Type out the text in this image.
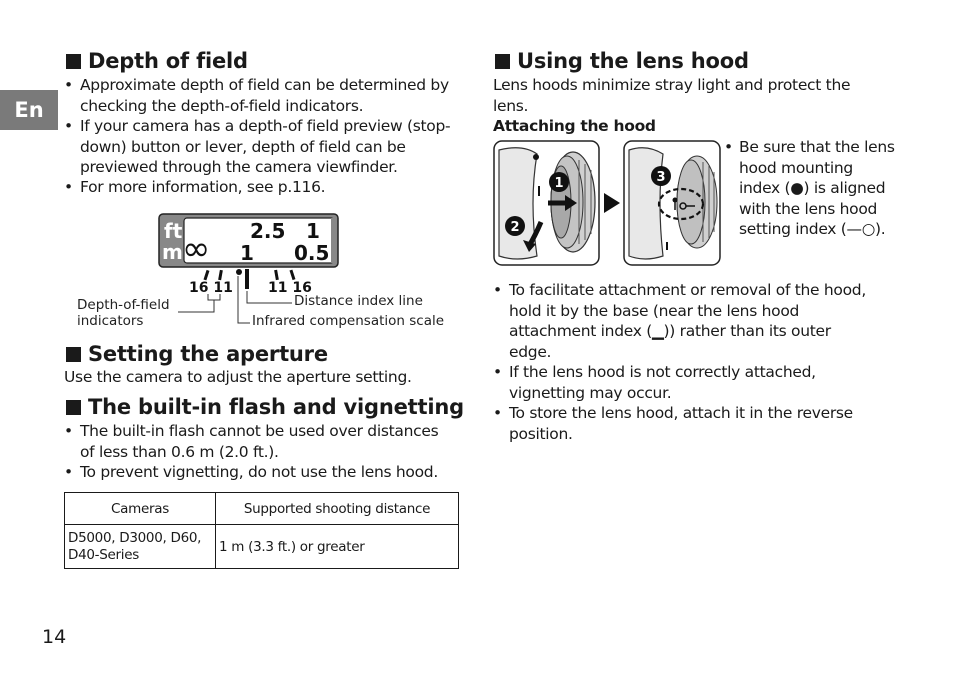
En
Depth of field
• Approximate depth of field can be determined by
checking the depth-of-field indicators.
• If your camera has a depth-of field preview (stop-
down) button or lever, depth of field can be
previewed through the camera viewfinder.
• For more information, see p.116.
ft
m
2.5 1
∞ 1 0.5
16 11	11 16
Depth-of-field
indicators
Distance index line
Infrared compensation scale
Setting the aperture
Use the camera to adjust the aperture setting.
The built-in flash and vignetting
• The built-in flash cannot be used over distances
of less than 0.6 m (2.0 ft.).
• To prevent vignetting, do not use the lens hood.
Cameras	Supported shooting distance

D5000, D3000, D60,
D40-Series	1 m (3.3 ft.) or greater
14
Using the lens hood
Lens hoods minimize stray light and protect the
lens.
Attaching the hood
1
2
3
• Be sure that the lens
hood mounting
index (●) is aligned
with the lens hood
setting index (—○).
• To facilitate attachment or removal of the hood,
hold it by the base (near the lens hood
attachment index (▁)) rather than its outer
edge.
• If the lens hood is not correctly attached,
vignetting may occur.
• To store the lens hood, attach it in the reverse
position.
